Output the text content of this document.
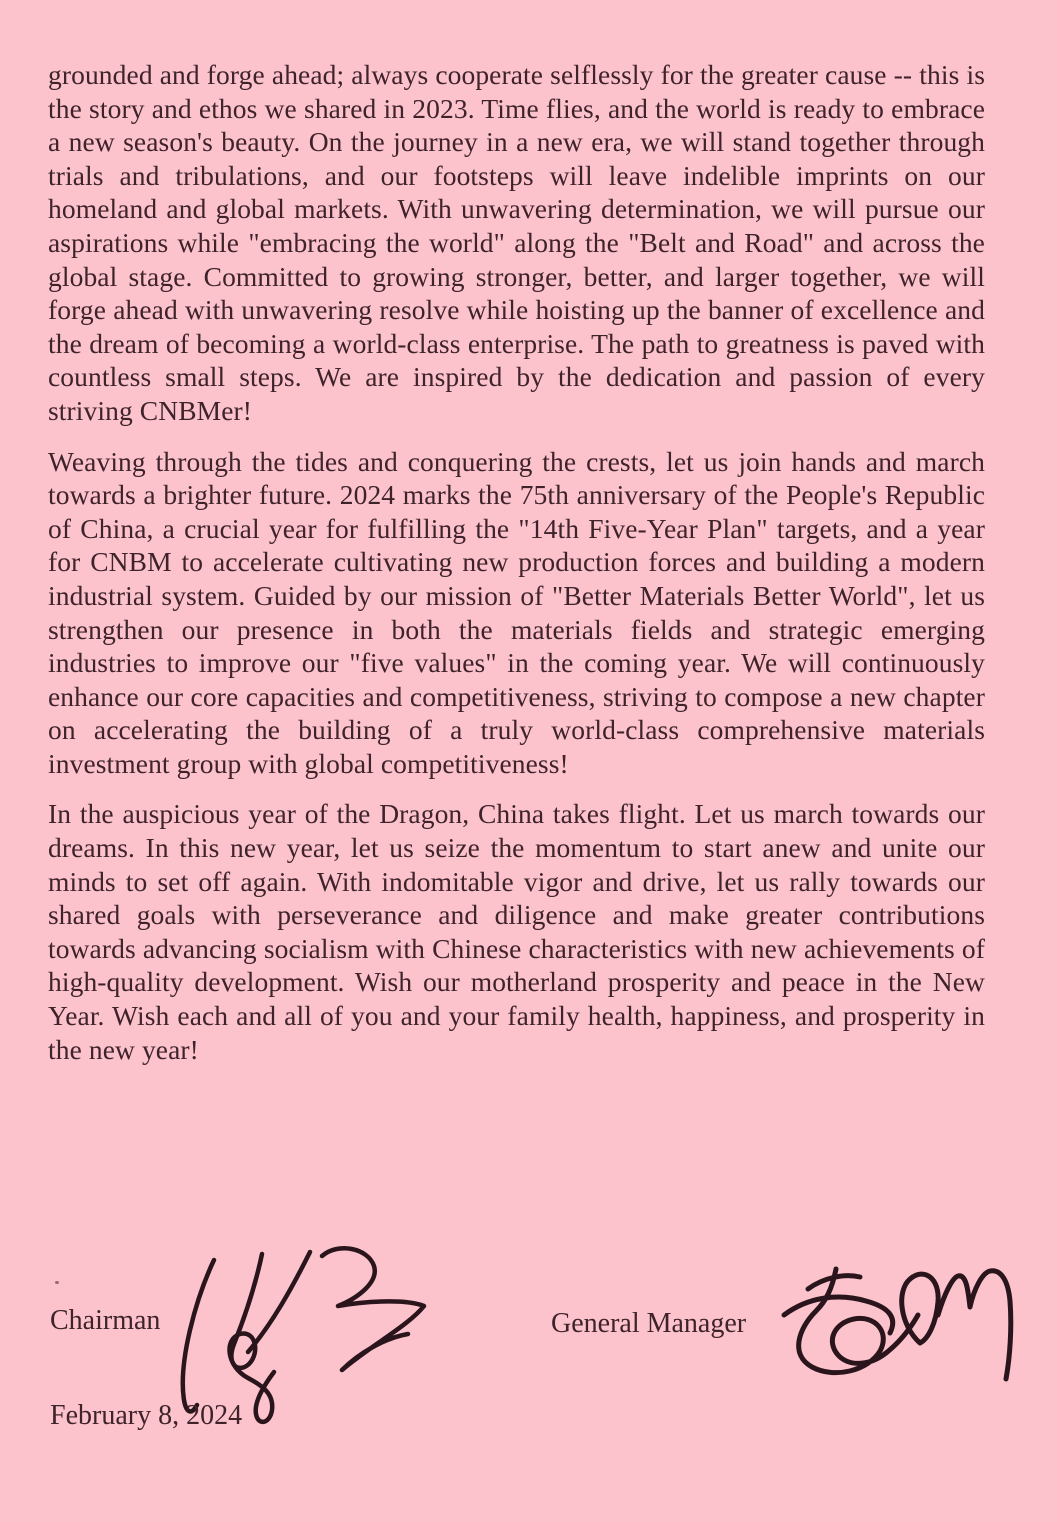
grounded and forge ahead; always cooperate selflessly for the greater cause -- this is the story and ethos we shared in 2023. Time flies, and the world is ready to embrace a new season's beauty. On the journey in a new era, we will stand together through trials and tribulations, and our footsteps will leave indelible imprints on our homeland and global markets. With unwavering determination, we will pursue our aspirations while "embracing the world" along the "Belt and Road" and across the global stage. Committed to growing stronger, better, and larger together, we will forge ahead with unwavering resolve while hoisting up the banner of excellence and the dream of becoming a world-class enterprise. The path to greatness is paved with countless small steps. We are inspired by the dedication and passion of every striving CNBMer!

Weaving through the tides and conquering the crests, let us join hands and march towards a brighter future. 2024 marks the 75th anniversary of the People's Republic of China, a crucial year for fulfilling the "14th Five-Year Plan" targets, and a year for CNBM to accelerate cultivating new production forces and building a modern industrial system. Guided by our mission of "Better Materials Better World", let us strengthen our presence in both the materials fields and strategic emerging industries to improve our "five values" in the coming year. We will continuously enhance our core capacities and competitiveness, striving to compose a new chapter on accelerating the building of a truly world-class comprehensive materials investment group with global competitiveness!

In the auspicious year of the Dragon, China takes flight. Let us march towards our dreams. In this new year, let us seize the momentum to start anew and unite our minds to set off again. With indomitable vigor and drive, let us rally towards our shared goals with perseverance and diligence and make greater contributions towards advancing socialism with Chinese characteristics with new achievements of high-quality development. Wish our motherland prosperity and peace in the New Year. Wish each and all of you and your family health, happiness, and prosperity in the new year!

Chairman	General Manager
February 8, 2024
